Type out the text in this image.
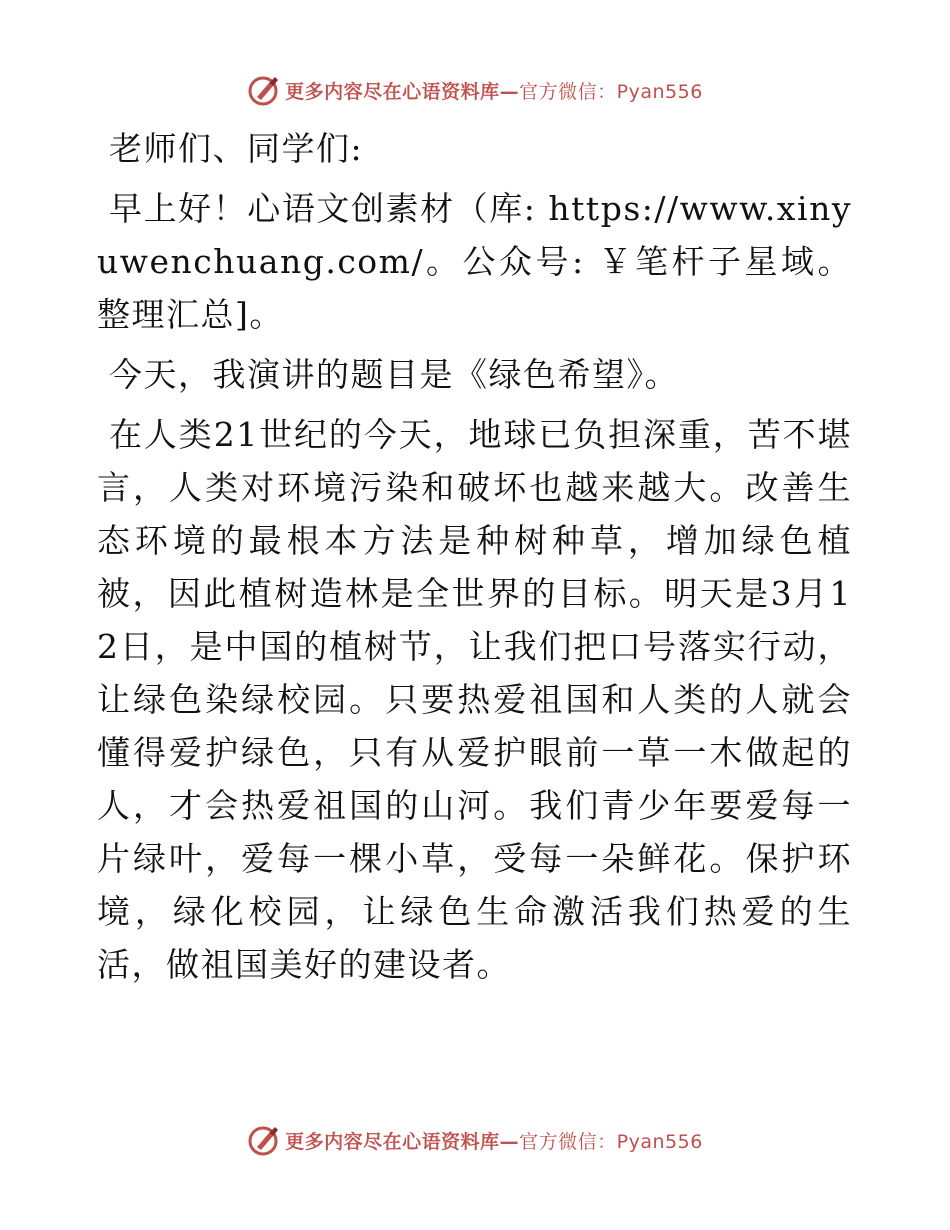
更多内容尽在心语资料库—官方微信：Pyan556

老师们、同学们:

早上好！心语文创素材（库: https://www.xinyuwenchuang.com/。公众号: ￥笔杆子星域。整理汇总]。

今天，我演讲的题目是《绿色希望》。

在人类21世纪的今天，地球已负担深重，苦不堪言，人类对环境污染和破坏也越来越大。改善生态环境的最根本方法是种树种草，增加绿色植被，因此植树造林是全世界的目标。明天是3月12日，是中国的植树节，让我们把口号落实行动，让绿色染绿校园。只要热爱祖国和人类的人就会懂得爱护绿色，只有从爱护眼前一草一木做起的人，才会热爱祖国的山河。我们青少年要爱每一片绿叶，爱每一棵小草，受每一朵鲜花。保护环境，绿化校园，让绿色生命激活我们热爱的生活，做祖国美好的建设者。

更多内容尽在心语资料库—官方微信：Pyan556
